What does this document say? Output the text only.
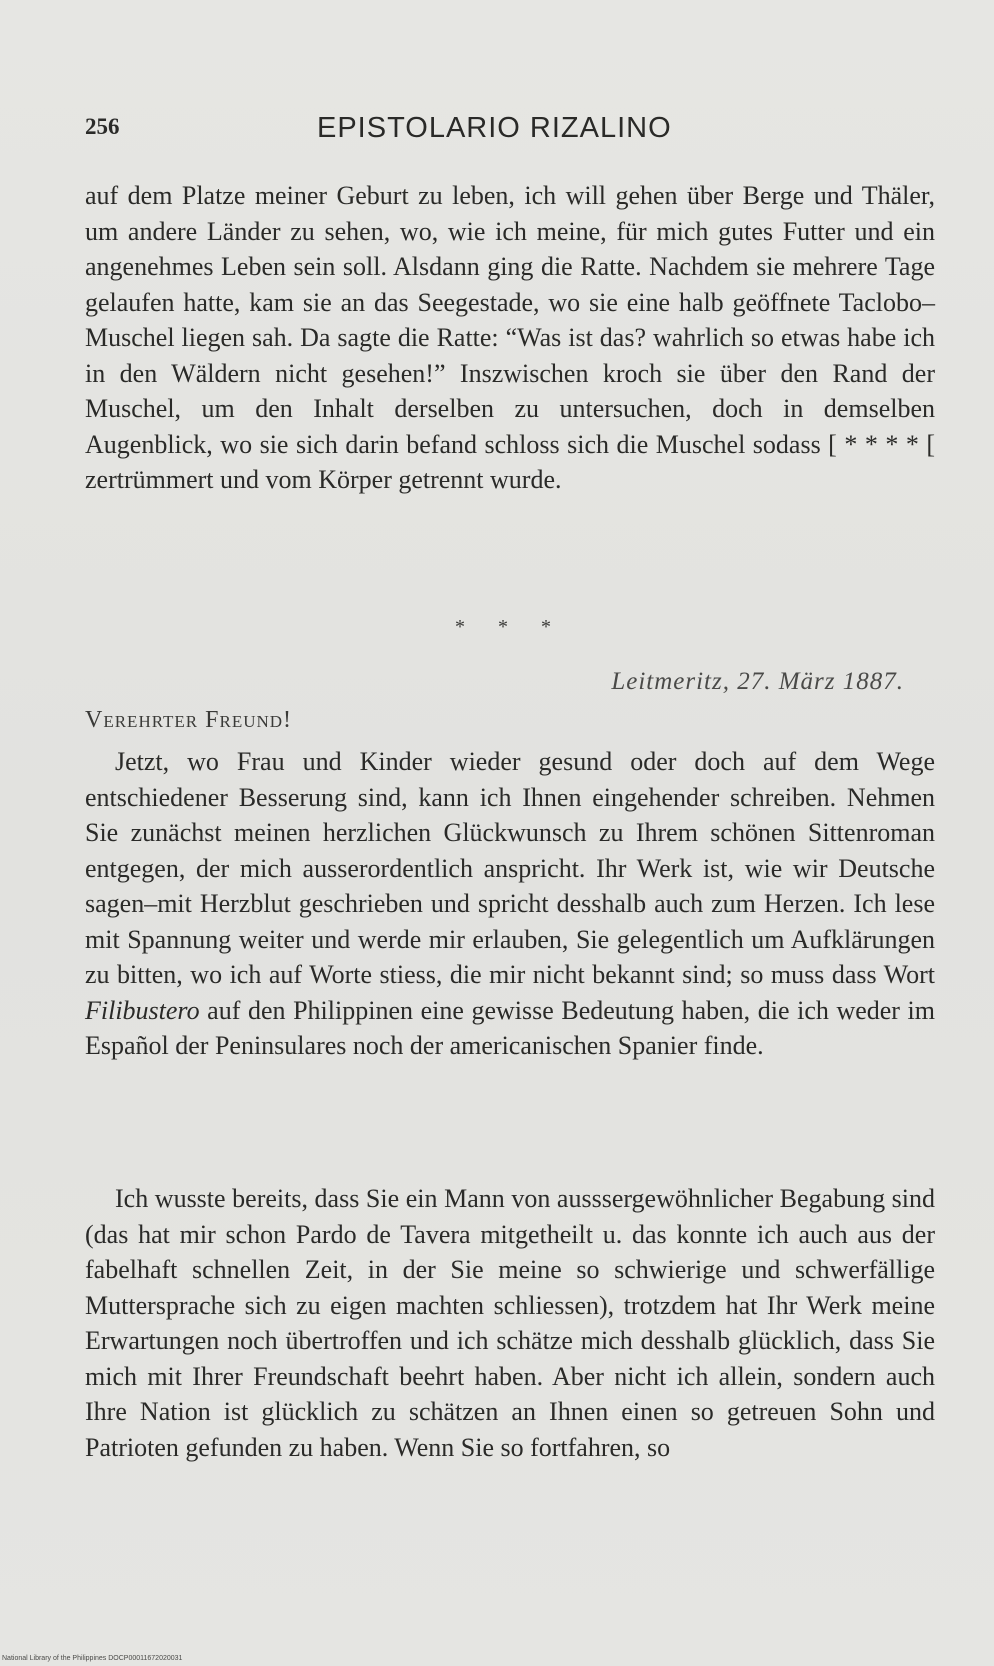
256	EPISTOLARIO RIZALINO

auf dem Platze meiner Geburt zu leben, ich will gehen über Berge und Thäler, um andere Länder zu sehen, wo, wie ich meine, für mich gutes Futter und ein angenehmes Leben sein soll. Alsdann ging die Ratte. Nachdem sie mehrere Tage gelaufen hatte, kam sie an das Seegestade, wo sie eine halb geöffnete Taclobo–Muschel liegen sah. Da sagte die Ratte: “Was ist das? wahrlich so etwas habe ich in den Wäldern nicht gesehen!” Inszwischen kroch sie über den Rand der Muschel, um den Inhalt derselben zu untersuchen, doch in demselben Augenblick, wo sie sich darin befand schloss sich die Muschel sodass [ * * * * [ zertrümmert und vom Körper getrennt wurde.

* * *
Leitmeritz, 27. März 1887.
Verehrter Freund!

Jetzt, wo Frau und Kinder wieder gesund oder doch auf dem Wege entschiedener Besserung sind, kann ich Ihnen eingehender schreiben. Nehmen Sie zunächst meinen herzlichen Glückwunsch zu Ihrem schönen Sittenroman entgegen, der mich ausserordentlich anspricht. Ihr Werk ist, wie wir Deutsche sagen–mit Herzblut geschrieben und spricht desshalb auch zum Herzen. Ich lese mit Spannung weiter und werde mir erlauben, Sie gelegentlich um Aufklärungen zu bitten, wo ich auf Worte stiess, die mir nicht bekannt sind; so muss dass Wort Filibustero auf den Philippinen eine gewisse Bedeutung haben, die ich weder im Español der Peninsulares noch der americanischen Spanier finde.

Ich wusste bereits, dass Sie ein Mann von ausssergewöhnlicher Begabung sind (das hat mir schon Pardo de Tavera mitgetheilt u. das konnte ich auch aus der fabelhaft schnellen Zeit, in der Sie meine so schwierige und schwerfällige Muttersprache sich zu eigen machten schliessen), trotzdem hat Ihr Werk meine Erwartungen noch übertroffen und ich schätze mich desshalb glücklich, dass Sie mich mit Ihrer Freundschaft beehrt haben. Aber nicht ich allein, sondern auch Ihre Nation ist glücklich zu schätzen an Ihnen einen so getreuen Sohn und Patrioten gefunden zu haben. Wenn Sie so fortfahren, so

National Library of the Philippines DOCP00011672020031
